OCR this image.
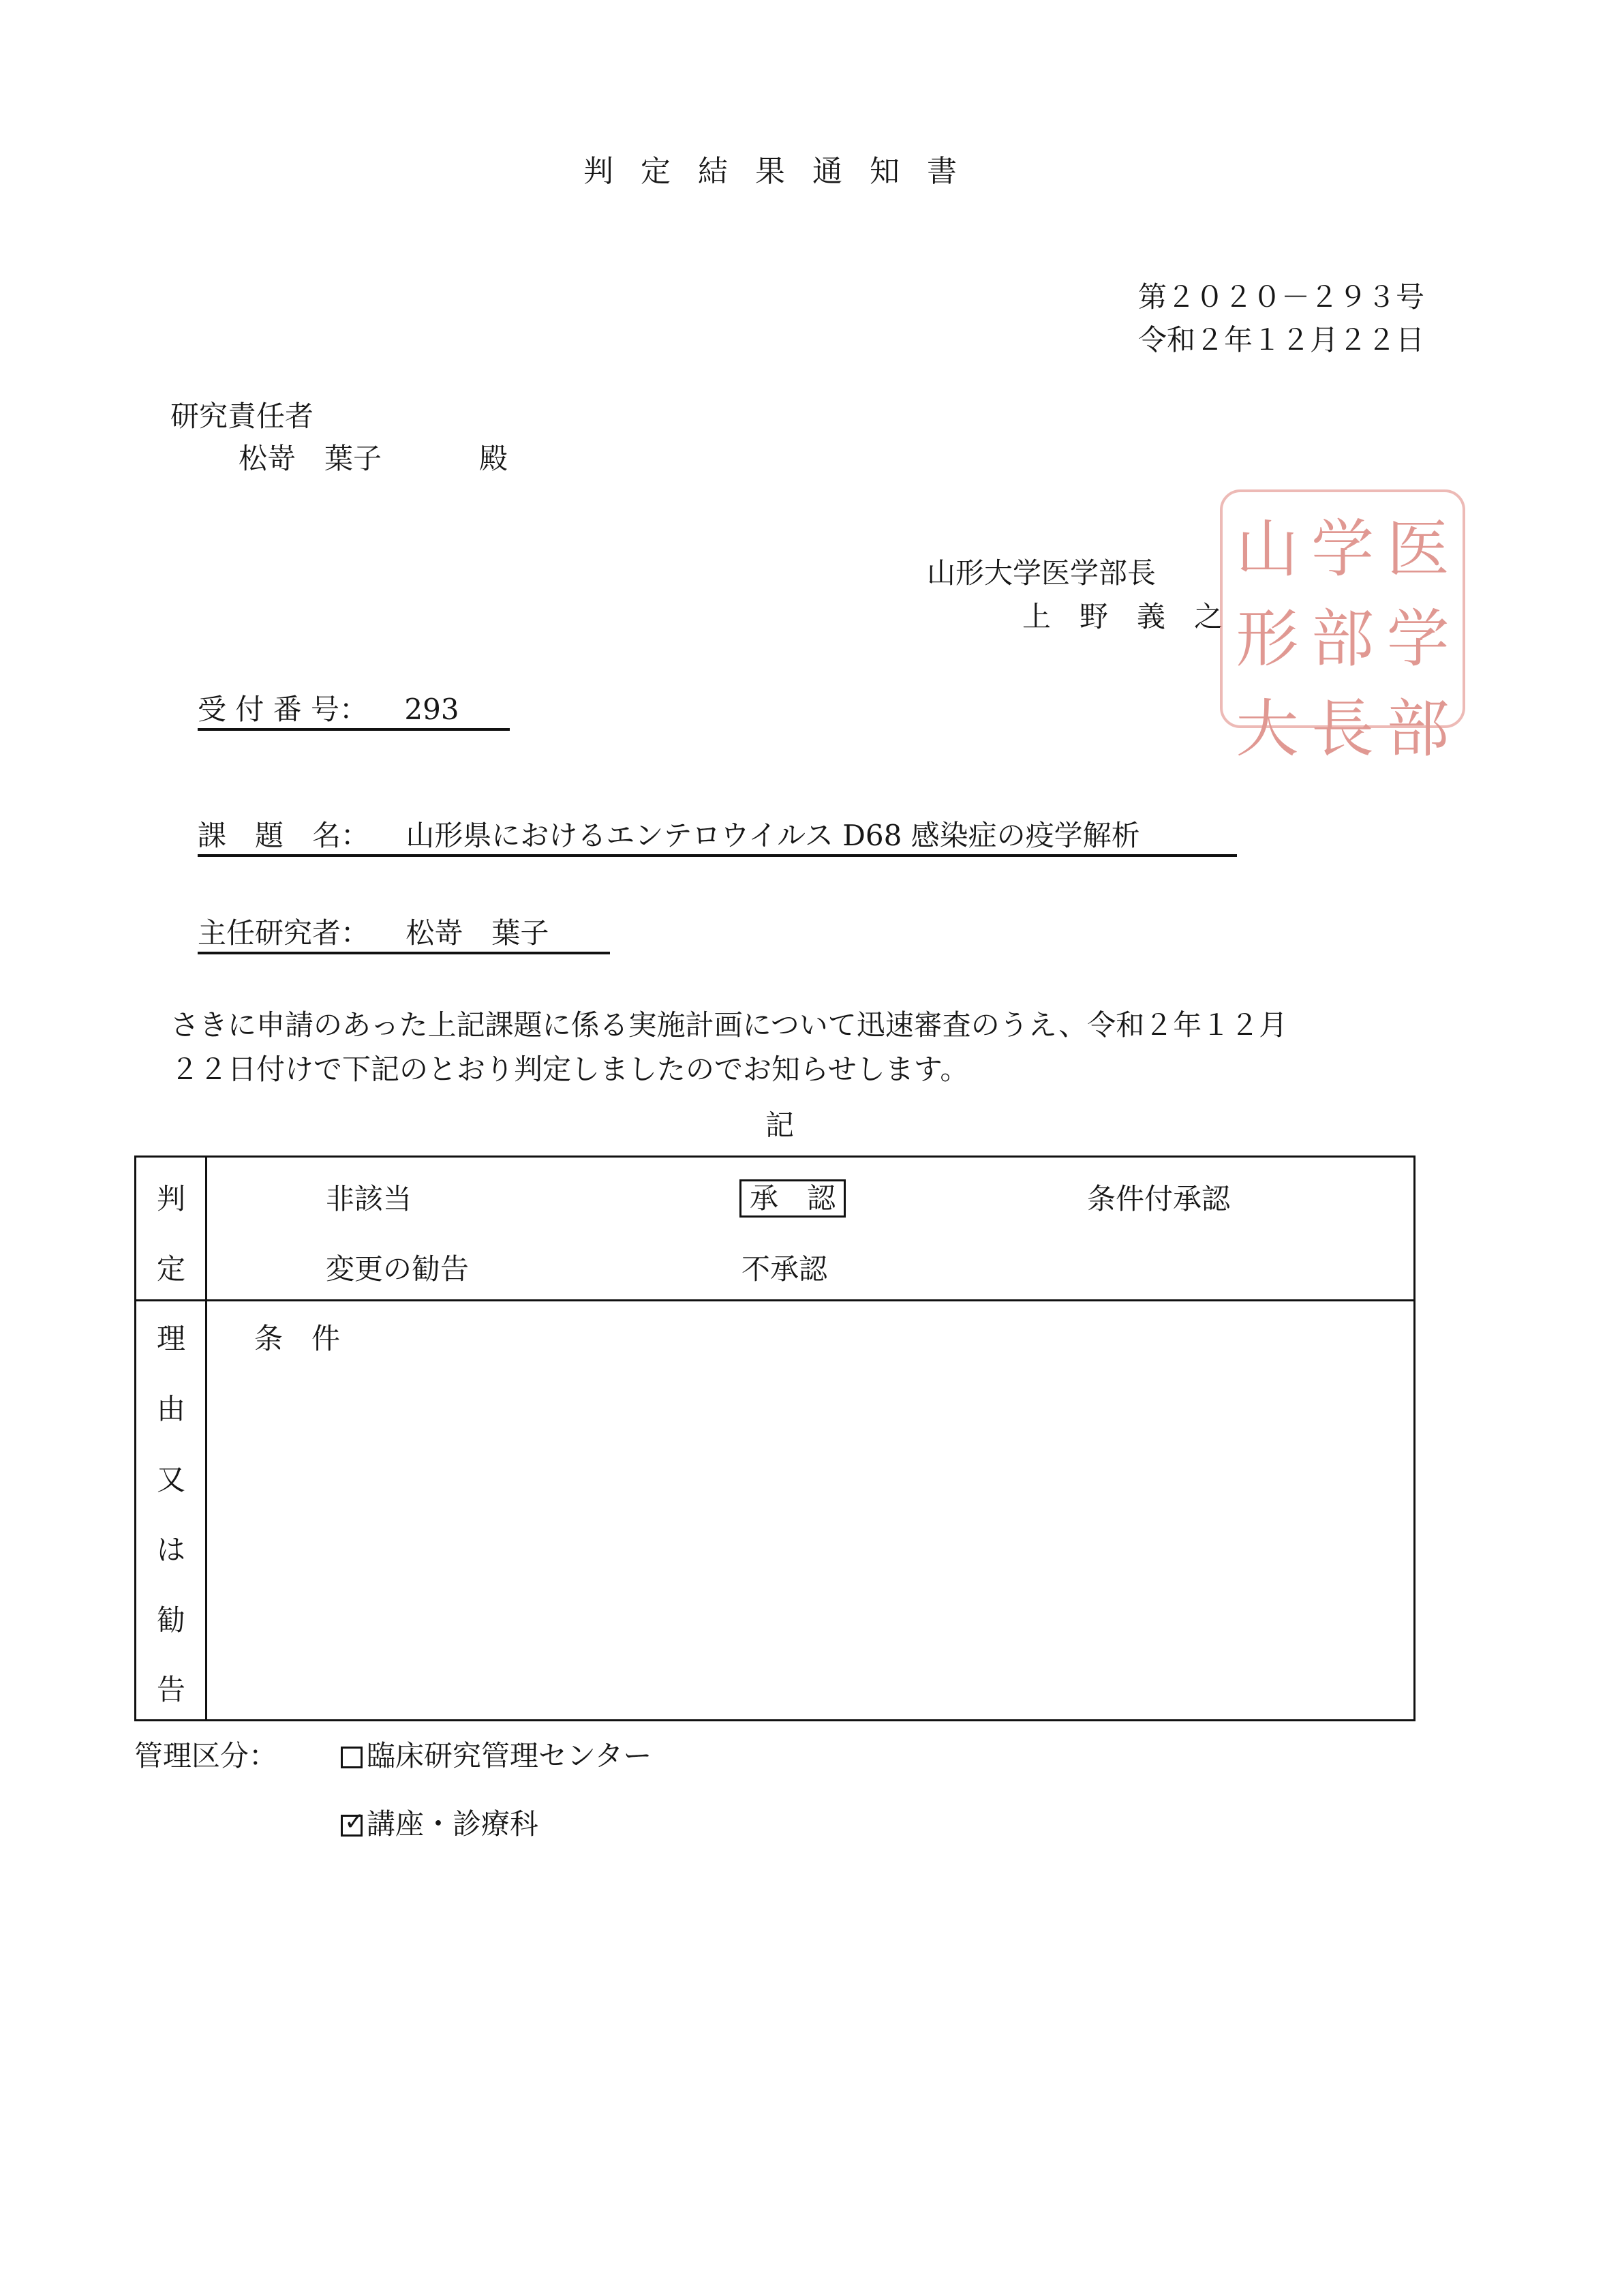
判定結果通知書
第２０２０－２９３号
令和２年１２月２２日
研究責任者
松嵜　葉子	殿
山形大学医学部長
上　野　義　之
山 学 医
形 部 学
大 長 部
受 付 番 号： 293
課　題　名： 山形県におけるエンテロウイルス D68 感染症の疫学解析
主任研究者： 松嵜　葉子
さきに申請のあった上記課題に係る実施計画について迅速審査のうえ、令和２年１２月
２２日付けで下記のとおり判定しましたのでお知らせします。
記
判
定
非該当	承　認	条件付承認
変更の勧告	不承認
理
由
又
は
勧
告
条　件
管理区分：	臨床研究管理センター
✓講座・診療科
